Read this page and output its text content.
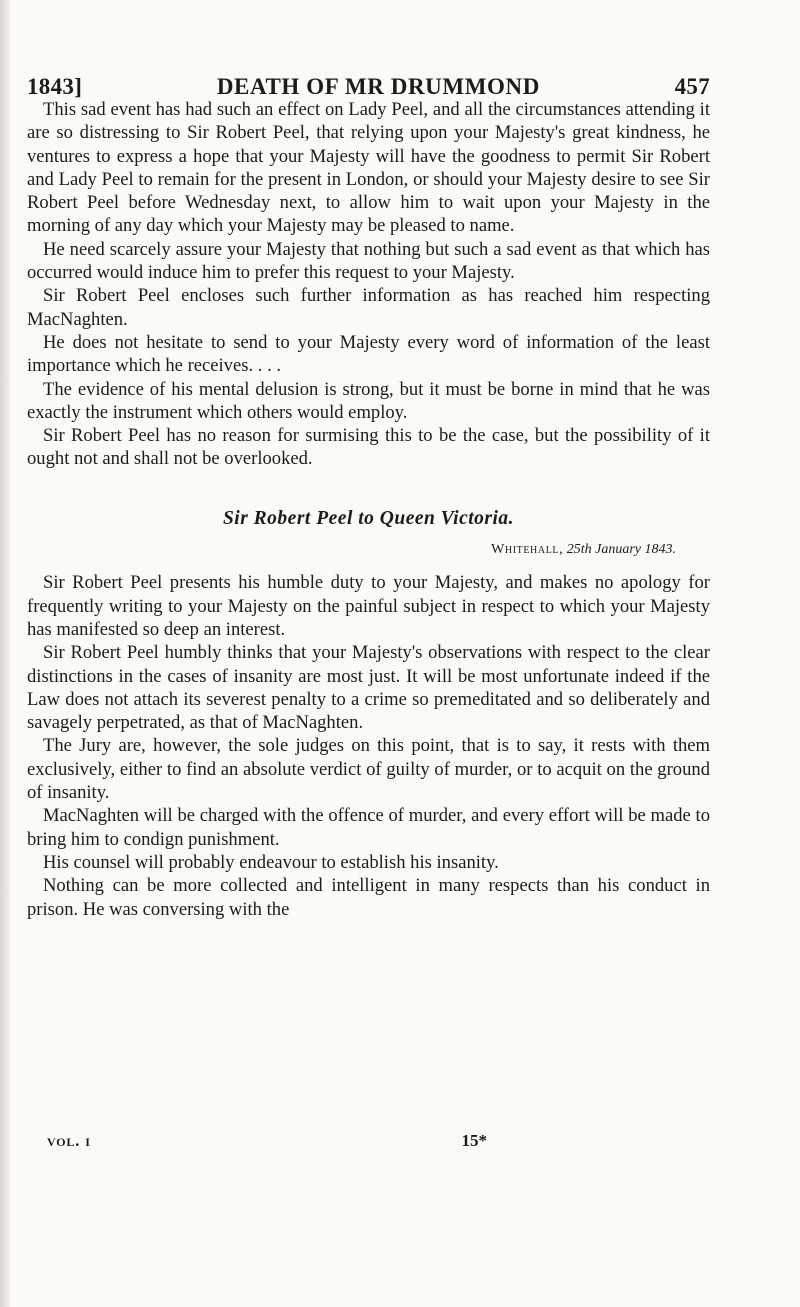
1843]	DEATH OF MR DRUMMOND	457

This sad event has had such an effect on Lady Peel, and all the circumstances attending it are so distressing to Sir Robert Peel, that relying upon your Majesty's great kindness, he ventures to express a hope that your Majesty will have the goodness to permit Sir Robert and Lady Peel to remain for the present in London, or should your Majesty desire to see Sir Robert Peel before Wednesday next, to allow him to wait upon your Majesty in the morning of any day which your Majesty may be pleased to name.

He need scarcely assure your Majesty that nothing but such a sad event as that which has occurred would induce him to prefer this request to your Majesty.

Sir Robert Peel encloses such further information as has reached him respecting MacNaghten.

He does not hesitate to send to your Majesty every word of information of the least importance which he receives. . . .

The evidence of his mental delusion is strong, but it must be borne in mind that he was exactly the instrument which others would employ.

Sir Robert Peel has no reason for surmising this to be the case, but the possibility of it ought not and shall not be overlooked.

Sir Robert Peel to Queen Victoria.
Whitehall, 25th January 1843.

Sir Robert Peel presents his humble duty to your Majesty, and makes no apology for frequently writing to your Majesty on the painful subject in respect to which your Majesty has manifested so deep an interest.

Sir Robert Peel humbly thinks that your Majesty's observations with respect to the clear distinctions in the cases of insanity are most just. It will be most unfortunate indeed if the Law does not attach its severest penalty to a crime so premeditated and so deliberately and savagely perpetrated, as that of MacNaghten.

The Jury are, however, the sole judges on this point, that is to say, it rests with them exclusively, either to find an absolute verdict of guilty of murder, or to acquit on the ground of insanity.

MacNaghten will be charged with the offence of murder, and every effort will be made to bring him to condign punishment.

His counsel will probably endeavour to establish his insanity.

Nothing can be more collected and intelligent in many respects than his conduct in prison. He was conversing with the

vol. i	15*
